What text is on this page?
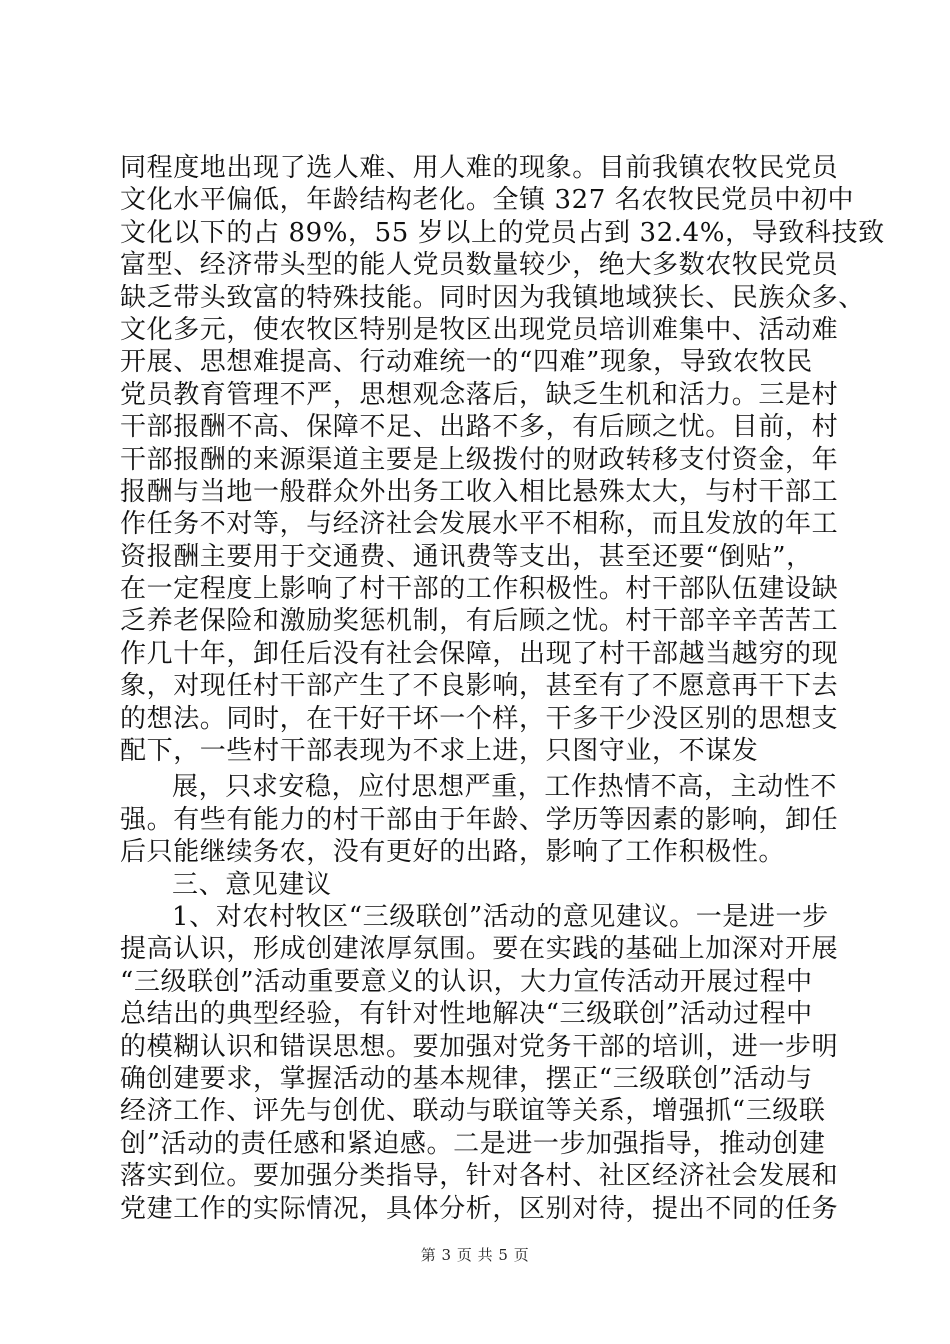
同程度地出现了选人难、用人难的现象。目前我镇农牧民党员
文化水平偏低，年龄结构老化。全镇 327 名农牧民党员中初中
文化以下的占 89%，55 岁以上的党员占到 32.4%，导致科技致
富型、经济带头型的能人党员数量较少，绝大多数农牧民党员
缺乏带头致富的特殊技能。同时因为我镇地域狭长、民族众多、
文化多元，使农牧区特别是牧区出现党员培训难集中、活动难
开展、思想难提高、行动难统一的“四难”现象，导致农牧民
党员教育管理不严，思想观念落后，缺乏生机和活力。三是村
干部报酬不高、保障不足、出路不多，有后顾之忧。目前，村
干部报酬的来源渠道主要是上级拨付的财政转移支付资金，年
报酬与当地一般群众外出务工收入相比悬殊太大，与村干部工
作任务不对等，与经济社会发展水平不相称，而且发放的年工
资报酬主要用于交通费、通讯费等支出，甚至还要“倒贴”，
在一定程度上影响了村干部的工作积极性。村干部队伍建设缺
乏养老保险和激励奖惩机制，有后顾之忧。村干部辛辛苦苦工
作几十年，卸任后没有社会保障，出现了村干部越当越穷的现
象，对现任村干部产生了不良影响，甚至有了不愿意再干下去
的想法。同时，在干好干坏一个样，干多干少没区别的思想支
配下，一些村干部表现为不求上进，只图守业，不谋发
展，只求安稳，应付思想严重，工作热情不高，主动性不
强。有些有能力的村干部由于年龄、学历等因素的影响，卸任
后只能继续务农，没有更好的出路，影响了工作积极性。
三、意见建议
1、对农村牧区“三级联创”活动的意见建议。一是进一步
提高认识，形成创建浓厚氛围。要在实践的基础上加深对开展
“三级联创”活动重要意义的认识，大力宣传活动开展过程中
总结出的典型经验，有针对性地解决“三级联创”活动过程中
的模糊认识和错误思想。要加强对党务干部的培训，进一步明
确创建要求，掌握活动的基本规律，摆正“三级联创”活动与
经济工作、评先与创优、联动与联谊等关系，增强抓“三级联
创”活动的责任感和紧迫感。二是进一步加强指导，推动创建
落实到位。要加强分类指导，针对各村、社区经济社会发展和
党建工作的实际情况，具体分析，区别对待，提出不同的任务
第 3 页 共 5 页
